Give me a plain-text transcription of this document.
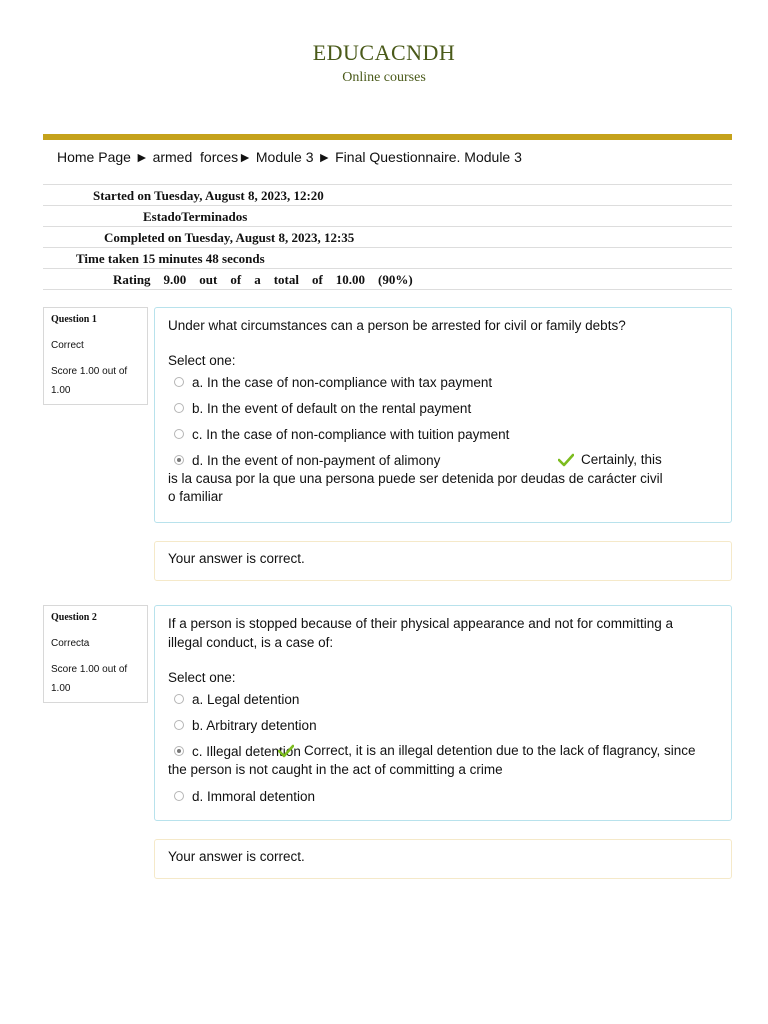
EDUCACNDH
Online courses
Home Page ► armed  forces► Module 3 ► Final Questionnaire. Module 3
Started on Tuesday, August 8, 2023, 12:20
EstadoTerminados
Completed on Tuesday, August 8, 2023, 12:35
Time taken 15 minutes 48 seconds
Rating    9.00    out    of    a    total    of    10.00    (90%)
Question 1
Correct
Score 1.00 out of 1.00

Under what circumstances can a person be arrested for civil or family debts?

Select one:
a. In the case of non-compliance with tax payment
b. In the event of default on the rental payment
c. In the case of non-compliance with tuition payment
d. In the event of non-payment of alimony	Certainly, this is la causa por la que una persona puede ser detenida por deudas de carácter civil o familiar
Your answer is correct.
Question 2
Correcta
Score 1.00 out of 1.00
If a person is stopped because of their physical appearance and not for committing a
illegal conduct, is a case of:
Select one:
a. Legal detention
b. Arbitrary detention
c. Illegal detention Correct, it is an illegal detention due to the lack of flagrancy, since the person is not caught in the act of committing a crime
d. Immoral detention
Your answer is correct.
